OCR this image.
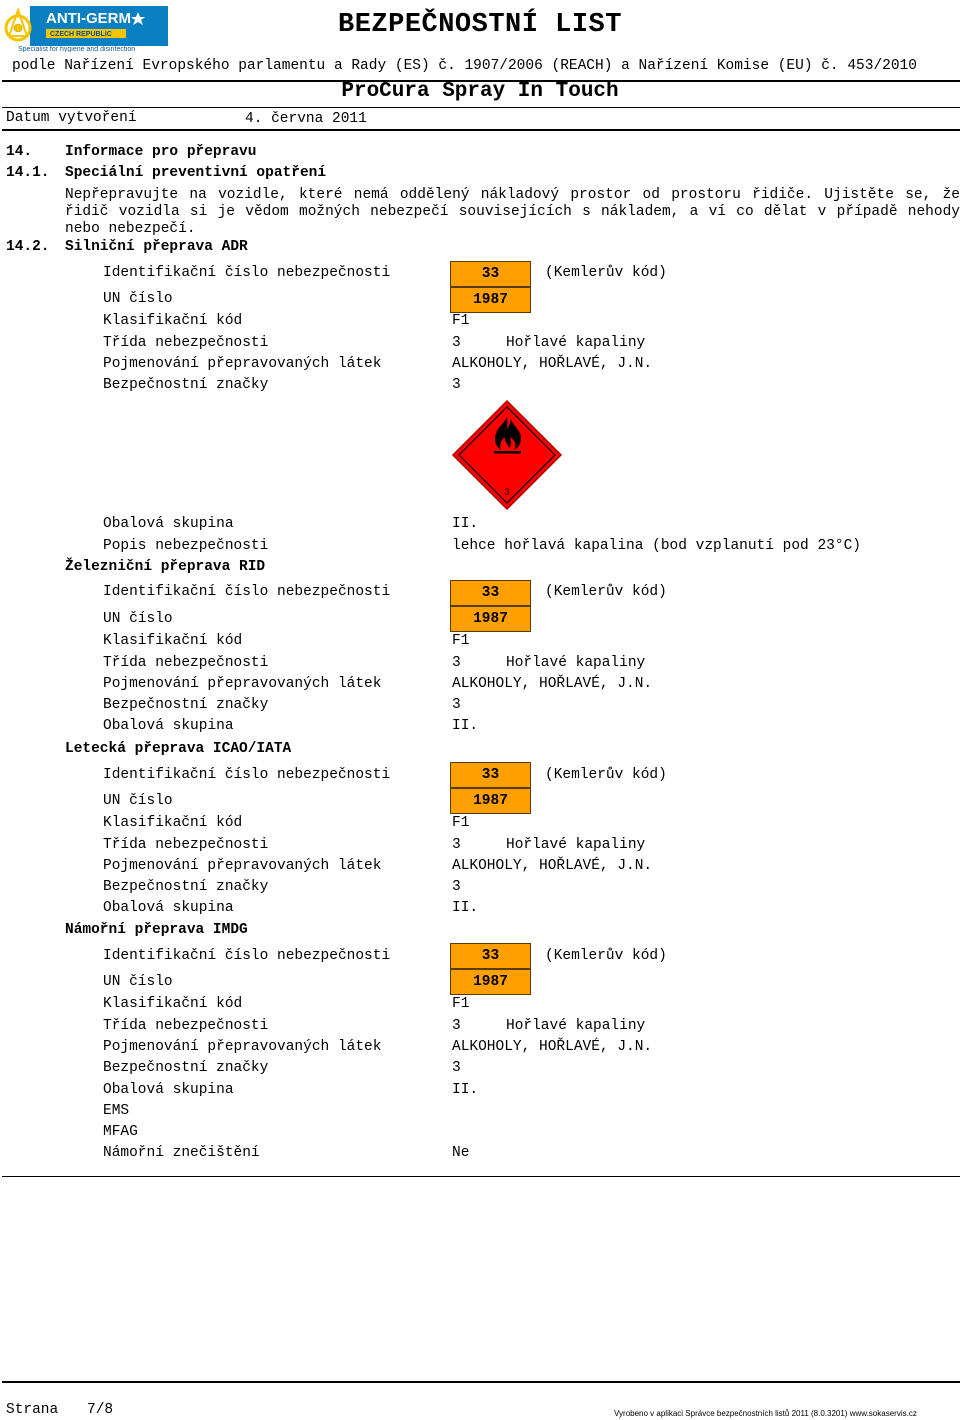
ANTI-GERM
CZECH REPUBLIC
Specialist for hygiene and disinfection
BEZPEČNOSTNÍ LIST
podle Nařízení Evropského parlamentu a Rady (ES) č. 1907/2006 (REACH) a Nařízení Komise (EU) č. 453/2010
ProCura Spray In Touch
Datum vytvoření	4. června 2011
14. Informace pro přepravu
14.1. Speciální preventivní opatření
Nepřepravujte na vozidle, které nemá oddělený nákladový prostor od prostoru řidiče. Ujistěte se, že řidič vozidla si je vědom možných nebezpečí souvisejících s nákladem, a ví co dělat v případě nehody nebo nebezpečí.
14.2. Silniční přeprava ADR
Identifikační číslo nebezpečnosti	33	(Kemlerův kód)
UN číslo	1987
Klasifikační kód	F1
Třída nebezpečnosti	3	Hořlavé kapaliny
Pojmenování přepravovaných látek	ALKOHOLY, HOŘLAVÉ, J.N.
Bezpečnostní značky	3
3
Obalová skupina	II.
Popis nebezpečnosti	lehce hořlavá kapalina (bod vzplanutí pod 23°C)
Železniční přeprava RID
Identifikační číslo nebezpečnosti	33	(Kemlerův kód)
UN číslo	1987
Klasifikační kód	F1
Třída nebezpečnosti	3	Hořlavé kapaliny
Pojmenování přepravovaných látek	ALKOHOLY, HOŘLAVÉ, J.N.
Bezpečnostní značky	3
Obalová skupina	II.
Letecká přeprava ICAO/IATA
Identifikační číslo nebezpečnosti	33	(Kemlerův kód)
UN číslo	1987
Klasifikační kód	F1
Třída nebezpečnosti	3	Hořlavé kapaliny
Pojmenování přepravovaných látek	ALKOHOLY, HOŘLAVÉ, J.N.
Bezpečnostní značky	3
Obalová skupina	II.
Námořní přeprava IMDG
Identifikační číslo nebezpečnosti	33	(Kemlerův kód)
UN číslo	1987
Klasifikační kód	F1
Třída nebezpečnosti	3	Hořlavé kapaliny
Pojmenování přepravovaných látek	ALKOHOLY, HOŘLAVÉ, J.N.
Bezpečnostní značky	3
Obalová skupina	II.
EMS
MFAG
Námořní znečištění	Ne
Strana 7/8	Vyrobeno v aplikaci Správce bezpečnostních listů 2011 (8.0.3201) www.sokaservis.cz
